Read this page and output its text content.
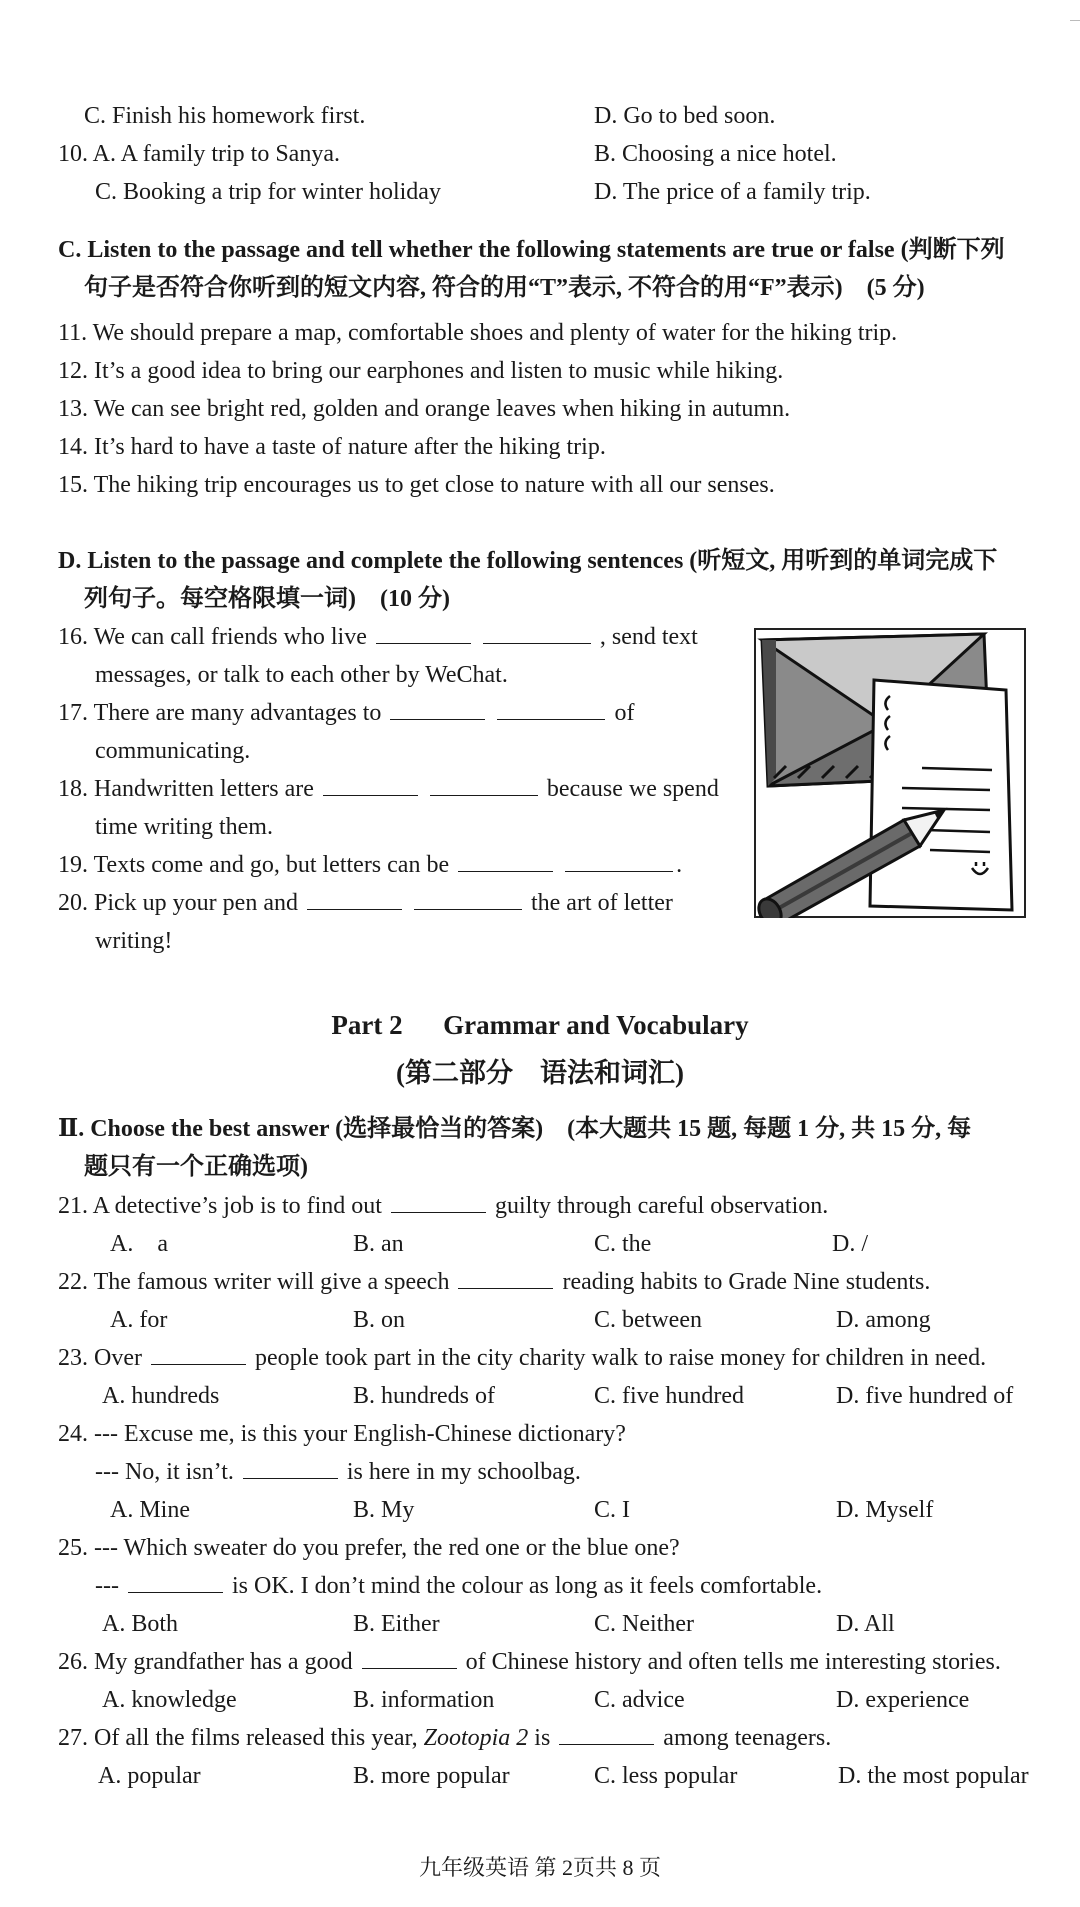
C. Finish his homework first.	D. Go to bed soon.
10. A. A family trip to Sanya.	B. Choosing a nice hotel.
C. Booking a trip for winter holiday	D. The price of a family trip.
C. Listen to the passage and tell whether the following statements are true or false (判断下列
句子是否符合你听到的短文内容, 符合的用“T”表示, 不符合的用“F”表示)　(5 分)
11. We should prepare a map, comfortable shoes and plenty of water for the hiking trip.
12. It’s a good idea to bring our earphones and listen to music while hiking.
13. We can see bright red, golden and orange leaves when hiking in autumn.
14. It’s hard to have a taste of nature after the hiking trip.
15. The hiking trip encourages us to get close to nature with all our senses.
D. Listen to the passage and complete the following sentences (听短文, 用听到的单词完成下
列句子。每空格限填一词)　(10 分)
16. We can call friends who live	, send text
messages, or talk to each other by WeChat.
17. There are many advantages to	of
communicating.
18. Handwritten letters are	because we spend
time writing them.
19. Texts come and go, but letters can be	.
20. Pick up your pen and	the art of letter
writing!
Part 2　  Grammar and Vocabulary
(第二部分　语法和词汇)
Ⅱ. Choose the best answer (选择最恰当的答案)　(本大题共 15 题, 每题 1 分, 共 15 分, 每
题只有一个正确选项)
21. A detective’s job is to find out	guilty through careful observation.
A.　a	B. an	C. the	D. /
22. The famous writer will give a speech	reading habits to Grade Nine students.
A. for	B. on	C. between	D. among
23. Over	people took part in the city charity walk to raise money for children in need.
A. hundreds	B. hundreds of	C. five hundred	D. five hundred of
24. --- Excuse me, is this your English-Chinese dictionary?
--- No, it isn’t.	is here in my schoolbag.
A. Mine	B. My	C. I	D. Myself
25. --- Which sweater do you prefer, the red one or the blue one?
---	is OK. I don’t mind the colour as long as it feels comfortable.
A. Both	B. Either	C. Neither	D. All
26. My grandfather has a good	of Chinese history and often tells me interesting stories.
A. knowledge	B. information	C. advice	D. experience
27. Of all the films released this year, Zootopia 2 is	among teenagers.
A. popular	B. more popular	C. less popular	D. the most popular
九年级英语 第 2页共 8 页
